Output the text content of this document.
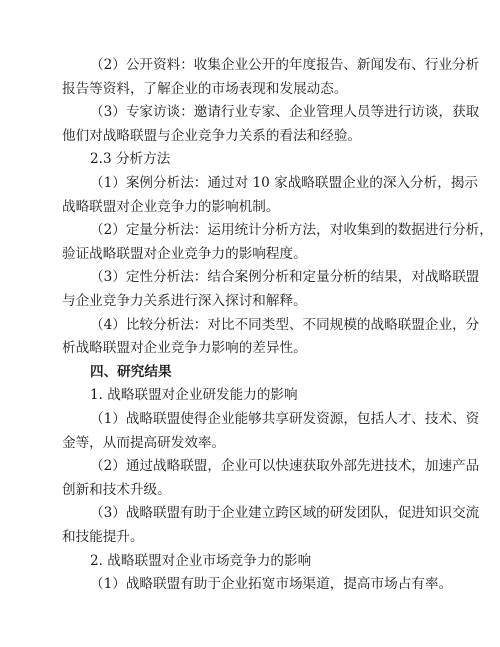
（2）公开资料：收集企业公开的年度报告、新闻发布、行业分析
报告等资料，了解企业的市场表现和发展动态。
（3）专家访谈：邀请行业专家、企业管理人员等进行访谈，获取
他们对战略联盟与企业竞争力关系的看法和经验。
2.3 分析方法
（1）案例分析法：通过对 10 家战略联盟企业的深入分析，揭示
战略联盟对企业竞争力的影响机制。
（2）定量分析法：运用统计分析方法，对收集到的数据进行分析，
验证战略联盟对企业竞争力的影响程度。
（3）定性分析法：结合案例分析和定量分析的结果，对战略联盟
与企业竞争力关系进行深入探讨和解释。
（4）比较分析法：对比不同类型、不同规模的战略联盟企业，分
析战略联盟对企业竞争力影响的差异性。
四、研究结果
1. 战略联盟对企业研发能力的影响
（1）战略联盟使得企业能够共享研发资源，包括人才、技术、资
金等，从而提高研发效率。
（2）通过战略联盟，企业可以快速获取外部先进技术，加速产品
创新和技术升级。
（3）战略联盟有助于企业建立跨区域的研发团队，促进知识交流
和技能提升。
2. 战略联盟对企业市场竞争力的影响
（1）战略联盟有助于企业拓宽市场渠道，提高市场占有率。
